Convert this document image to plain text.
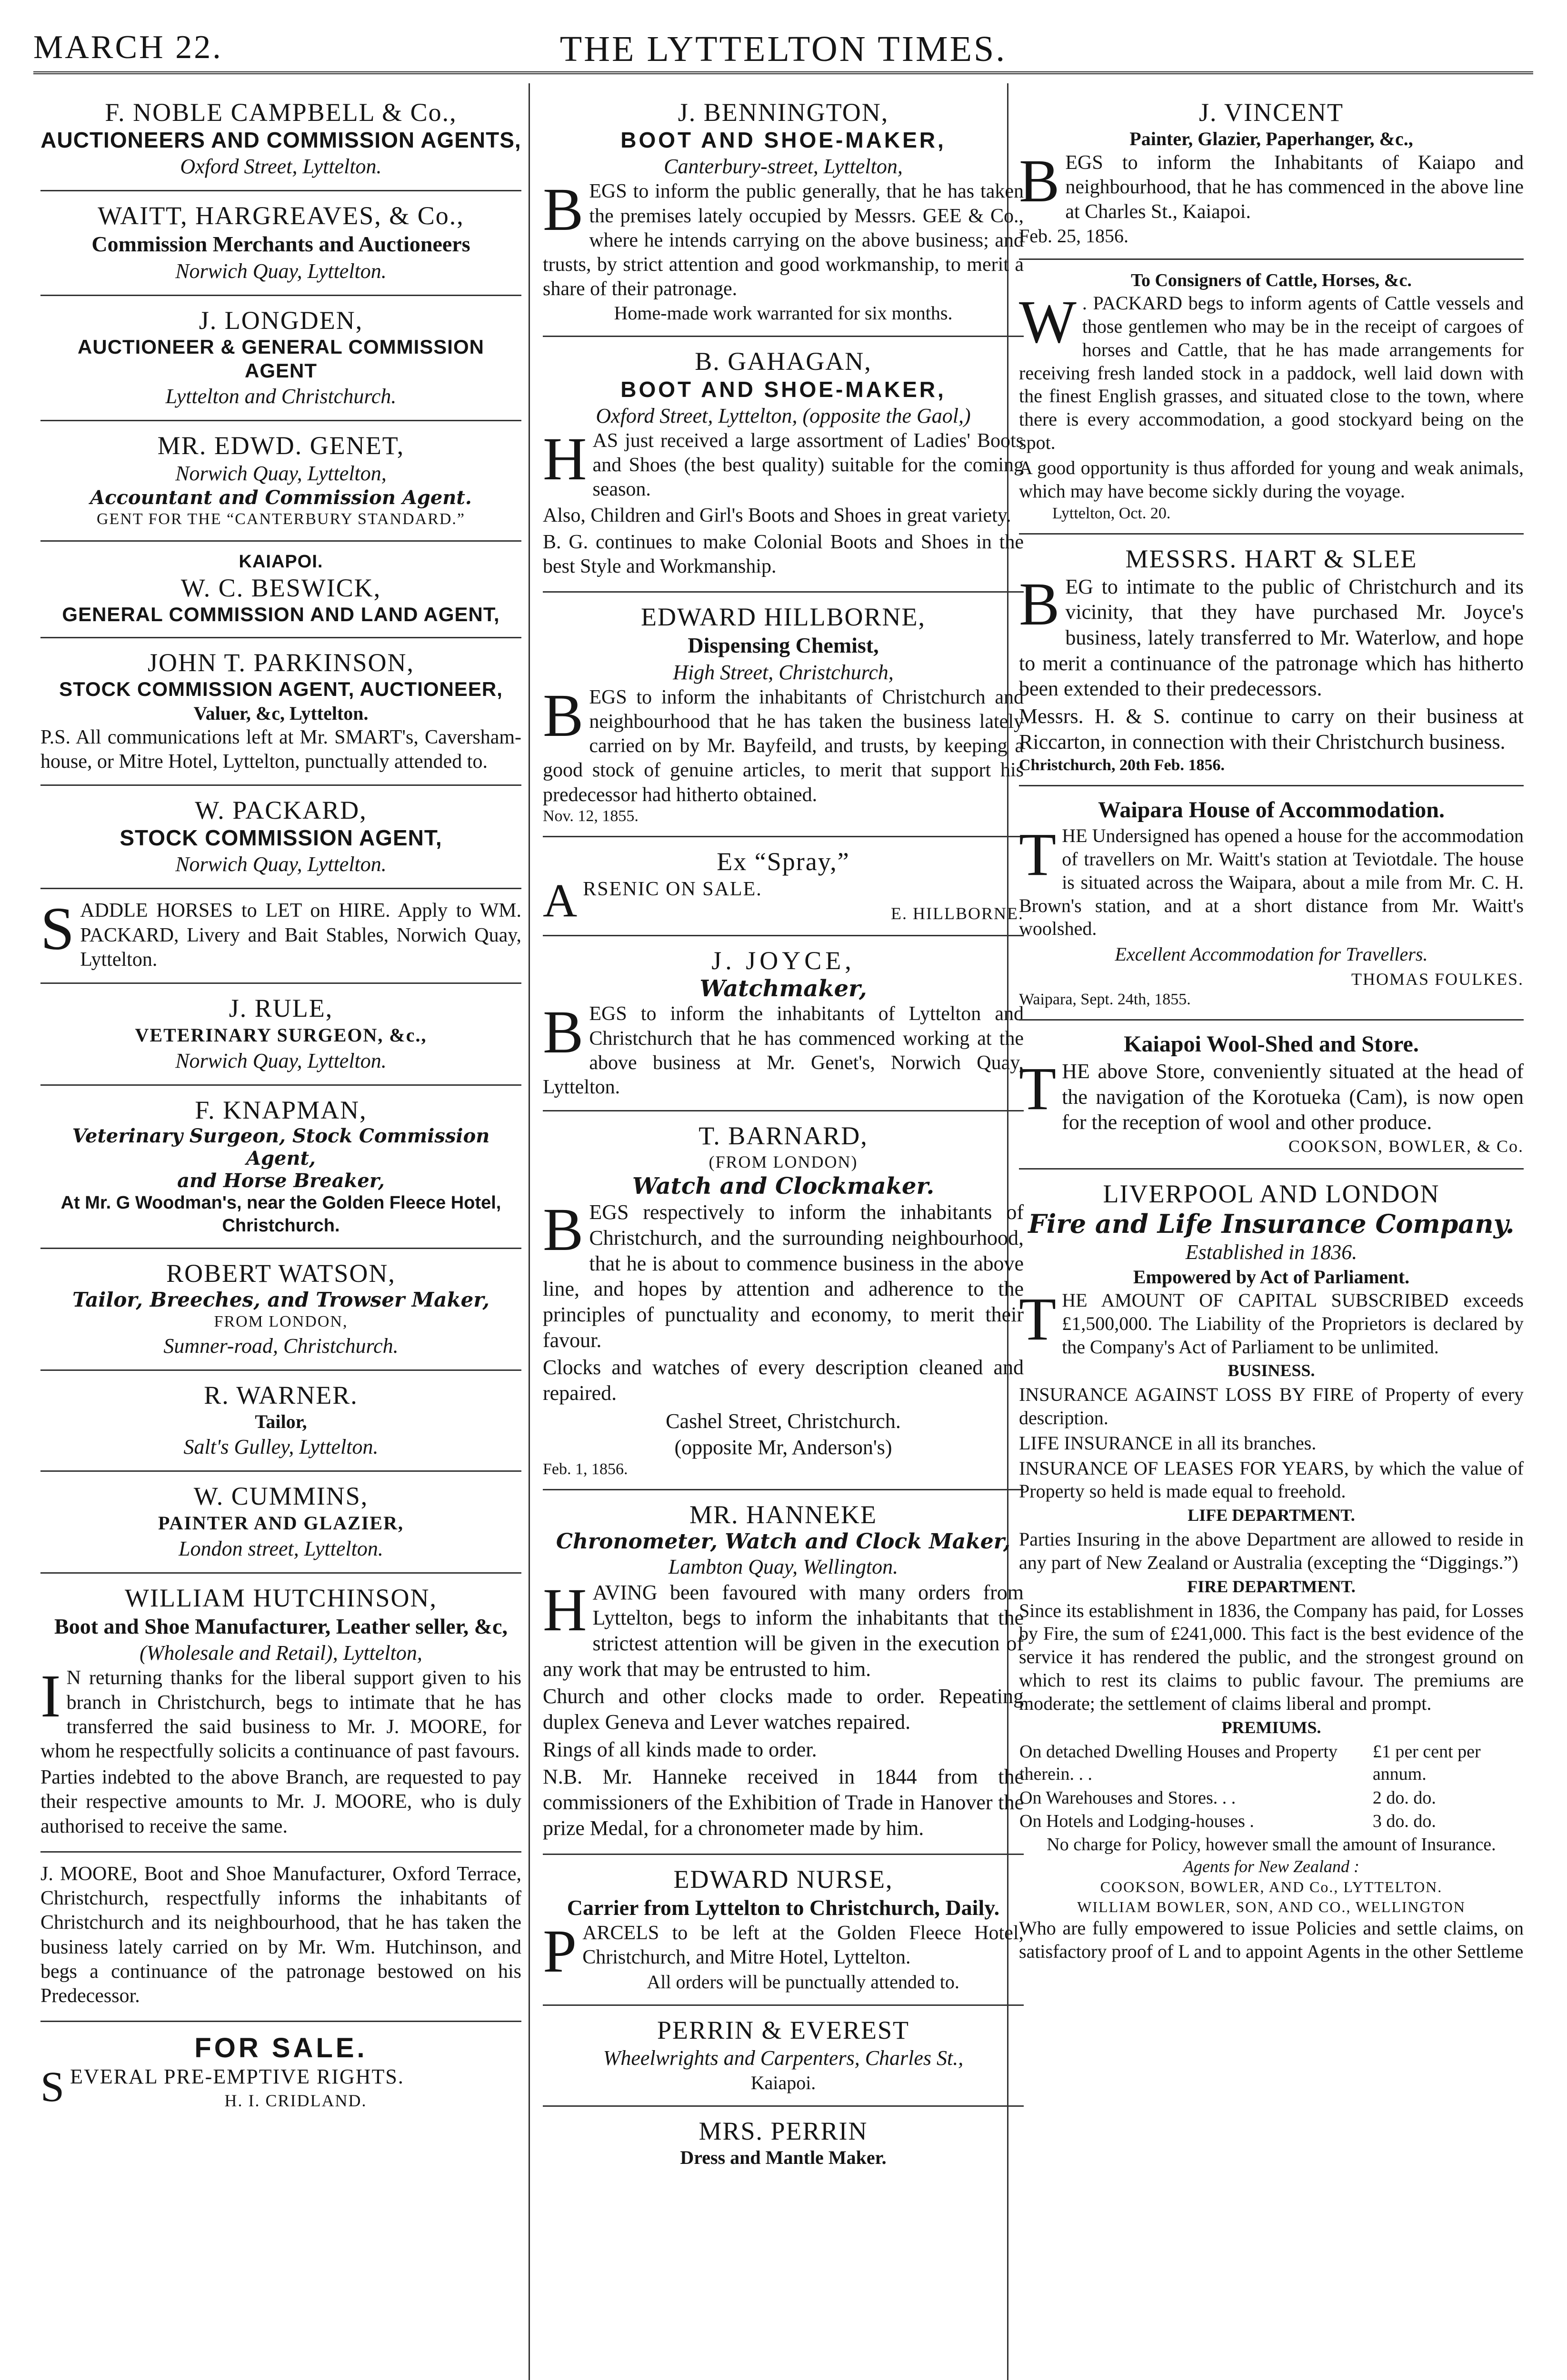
MARCH 22.	THE LYTTELTON TIMES.
F. NOBLE CAMPBELL & Co.,
AUCTIONEERS AND COMMISSION AGENTS,
Oxford Street, Lyttelton.
WAITT, HARGREAVES, & Co.,
Commission Merchants and Auctioneers
Norwich Quay, Lyttelton.
J. LONGDEN,
AUCTIONEER & GENERAL COMMISSION AGENT
Lyttelton and Christchurch.
MR. EDWD. GENET,
Norwich Quay, Lyttelton,
Accountant and Commission Agent.
GENT FOR THE “CANTERBURY STANDARD.”
KAIAPOI.
W. C. BESWICK,
GENERAL COMMISSION AND LAND AGENT,
JOHN T. PARKINSON,
STOCK COMMISSION AGENT, AUCTIONEER,
Valuer, &c, Lyttelton.
P.S. All communications left at Mr. SMART's, Caversham-house, or Mitre Hotel, Lyttelton, punctually attended to.
W. PACKARD,
STOCK COMMISSION AGENT,
Norwich Quay, Lyttelton.
SADDLE HORSES to LET on HIRE. Apply to WM. PACKARD, Livery and Bait Stables, Norwich Quay, Lyttelton.
J. RULE,
VETERINARY SURGEON, &c.,
Norwich Quay, Lyttelton.
F. KNAPMAN,
Veterinary Surgeon, Stock Commission Agent,
and Horse Breaker,
At Mr. G Woodman's, near the Golden Fleece Hotel, Christchurch.
ROBERT WATSON,
Tailor, Breeches, and Trowser Maker,
FROM LONDON,
Sumner-road, Christchurch.
R. WARNER.
Tailor,
Salt's Gulley, Lyttelton.
W. CUMMINS,
PAINTER AND GLAZIER,
London street, Lyttelton.
WILLIAM HUTCHINSON,
Boot and Shoe Manufacturer, Leather seller, &c,
(Wholesale and Retail), Lyttelton,

I N returning thanks for the liberal support given to his branch in Christchurch, begs to intimate that he has transferred the said business to Mr. J. MOORE, for whom he respectfully solicits a continuance of past favours.

Parties indebted to the above Branch, are requested to pay their respective amounts to Mr. J. MOORE, who is duly authorised to receive the same.

J. MOORE, Boot and Shoe Manufacturer, Oxford Terrace, Christchurch, respectfully informs the inhabitants of Christchurch and its neighbourhood, that he has taken the business lately carried on by Mr. Wm. Hutchinson, and begs a continuance of the patronage bestowed on his Predecessor.

FOR SALE.
SEVERAL PRE-EMPTIVE RIGHTS.
H. I. CRIDLAND.
J. BENNINGTON,
BOOT AND SHOE-MAKER,
Canterbury-street, Lyttelton,
BEGS to inform the public generally, that he has taken the premises lately occupied by Messrs. GEE & Co., where he intends carrying on the above business; and trusts, by strict attention and good workmanship, to merit a share of their patronage.
Home-made work warranted for six months.
B. GAHAGAN,
BOOT AND SHOE-MAKER,
Oxford Street, Lyttelton, (opposite the Gaol,)

HAS just received a large assortment of Ladies' Boots and Shoes (the best quality) suitable for the coming season.

Also, Children and Girl's Boots and Shoes in great variety.

B. G. continues to make Colonial Boots and Shoes in the best Style and Workmanship.

EDWARD HILLBORNE,
Dispensing Chemist,
High Street, Christchurch,
BEGS to inform the inhabitants of Christchurch and neighbourhood that he has taken the business lately carried on by Mr. Bayfeild, and trusts, by keeping a good stock of genuine articles, to merit that support his predecessor had hitherto obtained.
Nov. 12, 1855.
Ex “Spray,”
ARSENIC ON SALE.
E. HILLBORNE.
J. JOYCE,
Watchmaker,
BEGS to inform the inhabitants of Lyttelton and Christchurch that he has commenced working at the above business at Mr. Genet's, Norwich Quay, Lyttelton.
T. BARNARD,
(FROM LONDON)
Watch and Clockmaker.

BEGS respectively to inform the inhabitants of Christchurch, and the surrounding neighbourhood, that he is about to commence business in the above line, and hopes by attention and adherence to the principles of punctuality and economy, to merit their favour.

Clocks and watches of every description cleaned and repaired.

Cashel Street, Christchurch.
(opposite Mr, Anderson's)
Feb. 1, 1856.
MR. HANNEKE
Chronometer, Watch and Clock Maker,
Lambton Quay, Wellington.

HAVING been favoured with many orders from Lyttelton, begs to inform the inhabitants that the strictest attention will be given in the execution of any work that may be entrusted to him.

Church and other clocks made to order. Repeating duplex Geneva and Lever watches repaired.

Rings of all kinds made to order.

N.B. Mr. Hanneke received in 1844 from the commissioners of the Exhibition of Trade in Hanover the prize Medal, for a chronometer made by him.

EDWARD NURSE,
Carrier from Lyttelton to Christchurch, Daily.
PARCELS to be left at the Golden Fleece Hotel, Christchurch, and Mitre Hotel, Lyttelton.
All orders will be punctually attended to.
PERRIN & EVEREST
Wheelwrights and Carpenters, Charles St.,
Kaiapoi.
MRS. PERRIN
Dress and Mantle Maker.
J. VINCENT
Painter, Glazier, Paperhanger, &c.,
BEGS to inform the Inhabitants of Kaiapo and neighbourhood, that he has commenced in the above line at Charles St., Kaiapoi.
Feb. 25, 1856.
To Consigners of Cattle, Horses, &c.

W . PACKARD begs to inform agents of Cattle vessels and those gentlemen who may be in the receipt of cargoes of horses and Cattle, that he has made arrangements for receiving fresh landed stock in a paddock, well laid down with the finest English grasses, and situated close to the town, where there is every accommodation, a good stockyard being on the spot.

A good opportunity is thus afforded for young and weak animals, which may have become sickly during the voyage.

Lyttelton, Oct. 20.
MESSRS. HART & SLEE

BEG to intimate to the public of Christchurch and its vicinity, that they have purchased Mr. Joyce's business, lately transferred to Mr. Waterlow, and hope to merit a continuance of the patronage which has hitherto been extended to their predecessors.

Messrs. H. & S. continue to carry on their business at Riccarton, in connection with their Christchurch business.

Christchurch, 20th Feb. 1856.
Waipara House of Accommodation.

THE Undersigned has opened a house for the accommodation of travellers on Mr. Waitt's station at Teviotdale. The house is situated across the Waipara, about a mile from Mr. C. H. Brown's station, and at a short distance from Mr. Waitt's woolshed.

Excellent Accommodation for Travellers.

THOMAS FOULKES.
Waipara, Sept. 24th, 1855.
Kaiapoi Wool-Shed and Store.
THE above Store, conveniently situated at the head of the navigation of the Korotueka (Cam), is now open for the reception of wool and other produce.
COOKSON, BOWLER, & Co.
LIVERPOOL AND LONDON
Fire and Life Insurance Company.
Established in 1836.
Empowered by Act of Parliament.

THE AMOUNT OF CAPITAL SUBSCRIBED exceeds £1,500,000. The Liability of the Proprietors is declared by the Company's Act of Parliament to be unlimited.

BUSINESS.

INSURANCE AGAINST LOSS BY FIRE of Property of every description.

LIFE INSURANCE in all its branches.

INSURANCE OF LEASES FOR YEARS, by which the value of Property so held is made equal to freehold.

LIFE DEPARTMENT.

Parties Insuring in the above Department are allowed to reside in any part of New Zealand or Australia (excepting the “Diggings.”)

FIRE DEPARTMENT.

Since its establishment in 1836, the Company has paid, for Losses by Fire, the sum of £241,000. This fact is the best evidence of the service it has rendered the public, and the strongest ground on which to rest its claims to public favour. The premiums are moderate; the settlement of claims liberal and prompt.

PREMIUMS.

On detached Dwelling Houses and Property therein. . .	£1 per cent per annum.
On Warehouses and Stores. . .	2 do. do.
On Hotels and Lodging-houses .	3 do. do.
No charge for Policy, however small the amount of Insurance.
Agents for New Zealand :
COOKSON, BOWLER, AND Co., LYTTELTON.
WILLIAM BOWLER, SON, AND CO., WELLINGTON
Who are fully empowered to issue Policies and settle claims, on satisfactory proof of L and to appoint Agents in the other Settleme
